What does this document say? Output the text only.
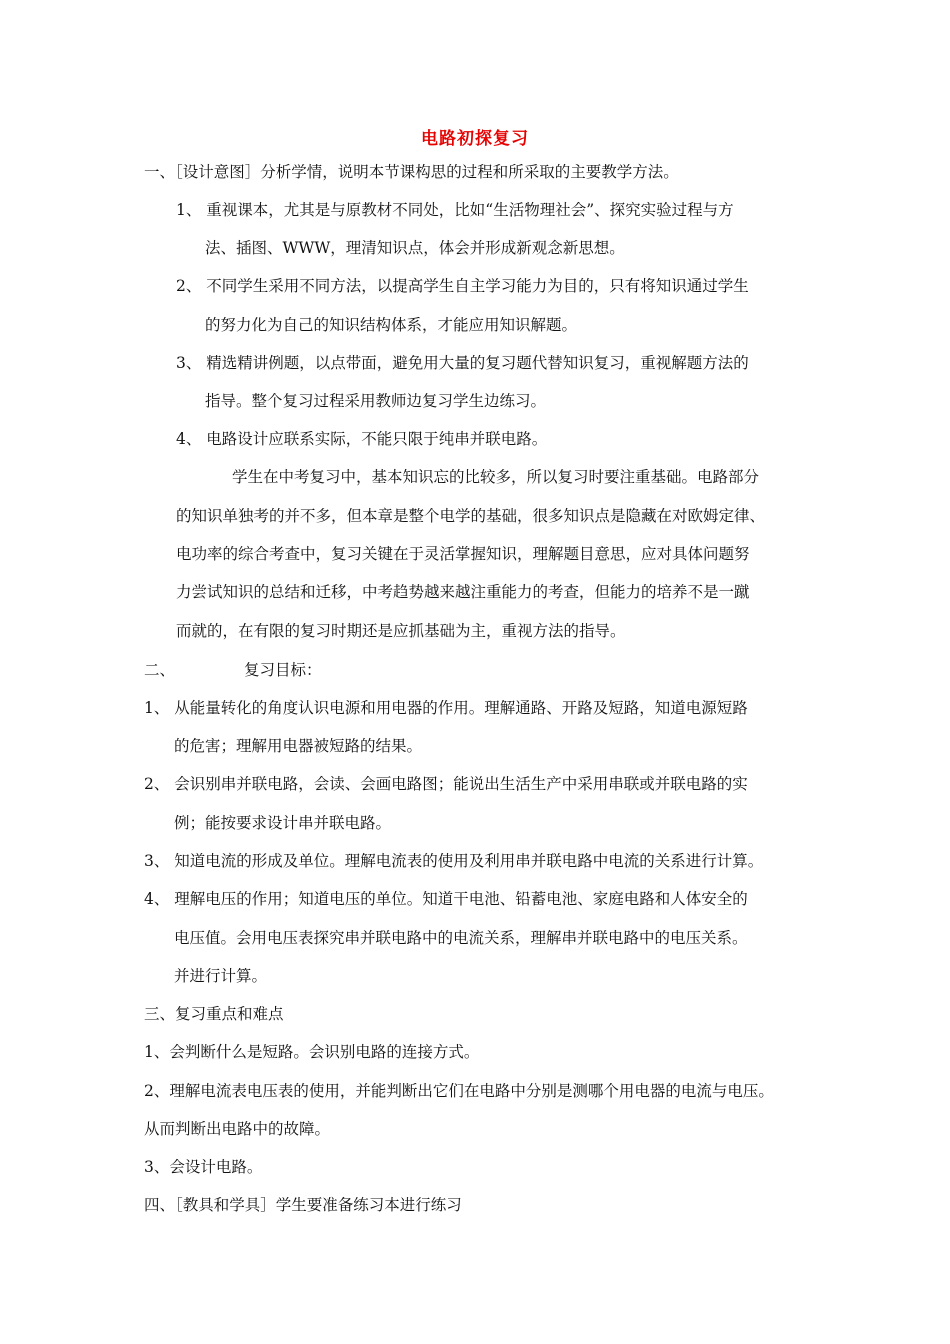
电路初探复习
一、［设计意图］分析学情，说明本节课构思的过程和所采取的主要教学方法。
1、 重视课本，尤其是与原教材不同处，比如“生活物理社会”、探究实验过程与方
法、插图、WWW，理清知识点，体会并形成新观念新思想。
2、 不同学生采用不同方法，以提高学生自主学习能力为目的，只有将知识通过学生
的努力化为自己的知识结构体系，才能应用知识解题。
3、 精选精讲例题，以点带面，避免用大量的复习题代替知识复习，重视解题方法的
指导。整个复习过程采用教师边复习学生边练习。
4、 电路设计应联系实际，不能只限于纯串并联电路。
学生在中考复习中，基本知识忘的比较多，所以复习时要注重基础。电路部分
的知识单独考的并不多，但本章是整个电学的基础，很多知识点是隐藏在对欧姆定律、
电功率的综合考查中，复习关键在于灵活掌握知识，理解题目意思，应对具体问题努
力尝试知识的总结和迁移，中考趋势越来越注重能力的考查，但能力的培养不是一蹴
而就的，在有限的复习时期还是应抓基础为主，重视方法的指导。
二、	复习目标：
1、 从能量转化的角度认识电源和用电器的作用。理解通路、开路及短路，知道电源短路
的危害；理解用电器被短路的结果。
2、 会识别串并联电路，会读、会画电路图；能说出生活生产中采用串联或并联电路的实
例；能按要求设计串并联电路。
3、 知道电流的形成及单位。理解电流表的使用及利用串并联电路中电流的关系进行计算。
4、 理解电压的作用；知道电压的单位。知道干电池、铅蓄电池、家庭电路和人体安全的
电压值。会用电压表探究串并联电路中的电流关系，理解串并联电路中的电压关系。
并进行计算。
三、复习重点和难点
1、会判断什么是短路。会识别电路的连接方式。
2、理解电流表电压表的使用，并能判断出它们在电路中分别是测哪个用电器的电流与电压。
从而判断出电路中的故障。
3、会设计电路。
四、［教具和学具］学生要准备练习本进行练习
